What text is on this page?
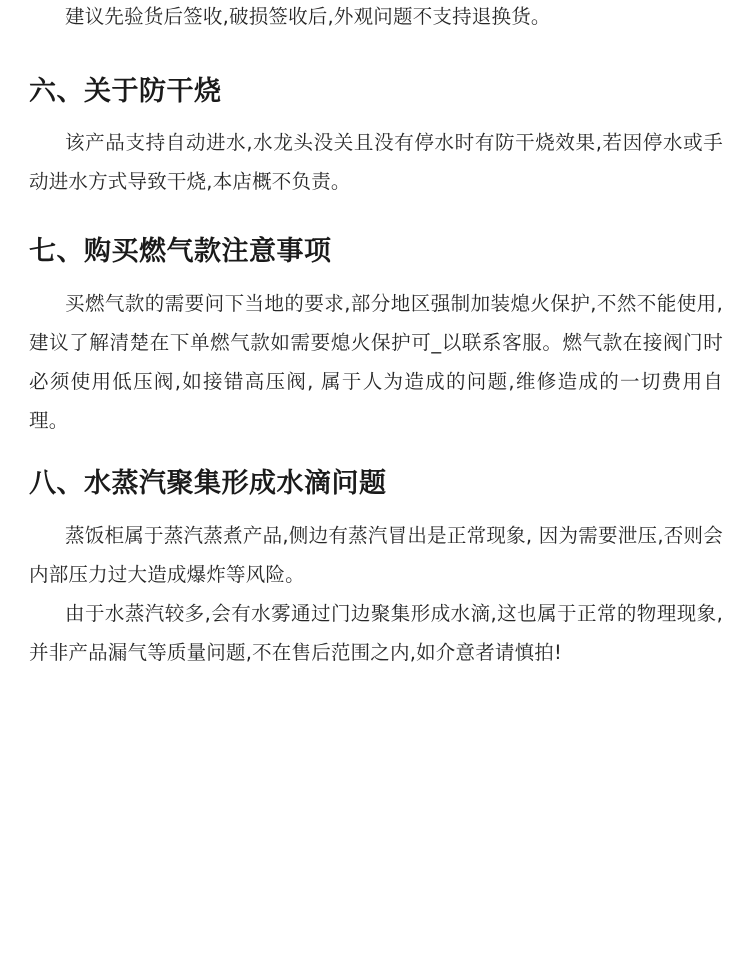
建议先验货后签收,破损签收后,外观问题不支持退换货。

六、关于防干烧

该产品支持自动进水,水龙头没关且没有停水时有防干烧效果,若因停水或手动进水方式导致干烧,本店概不负责。

七、购买燃气款注意事项

买燃气款的需要问下当地的要求,部分地区强制加装熄火保护,不然不能使用,建议了解清楚在下单燃气款如需要熄火保护可_以联系客服。燃气款在接阀门时必须使用低压阀,如接错高压阀, 属于人为造成的问题,维修造成的一切费用自理。

八、水蒸汽聚集形成水滴问题

蒸饭柜属于蒸汽蒸煮产品,侧边有蒸汽冒出是正常现象, 因为需要泄压,否则会内部压力过大造成爆炸等风险。

由于水蒸汽较多,会有水雾通过门边聚集形成水滴,这也属于正常的物理现象,并非产品漏气等质量问题,不在售后范围之内,如介意者请慎拍!
